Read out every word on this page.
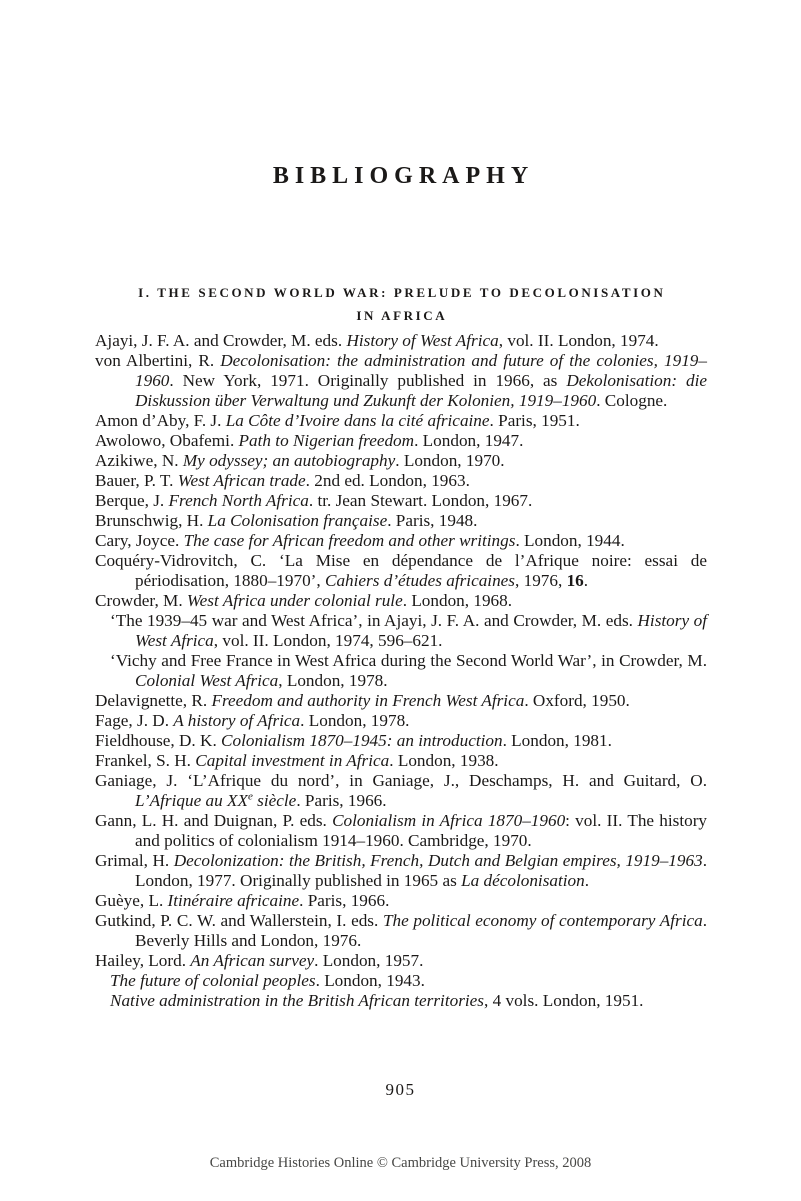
BIBLIOGRAPHY
I. THE SECOND WORLD WAR: PRELUDE TO DECOLONISATION
IN AFRICA

Ajayi, J. F. A. and Crowder, M. eds. History of West Africa, vol. II. London, 1974.

von Albertini, R. Decolonisation: the administration and future of the colonies, 1919–1960. New York, 1971. Originally published in 1966, as Dekolonisation: die Diskussion über Verwaltung und Zukunft der Kolonien, 1919–1960. Cologne.

Amon d’Aby, F. J. La Côte d’Ivoire dans la cité africaine. Paris, 1951.

Awolowo, Obafemi. Path to Nigerian freedom. London, 1947.

Azikiwe, N. My odyssey; an autobiography. London, 1970.

Bauer, P. T. West African trade. 2nd ed. London, 1963.

Berque, J. French North Africa. tr. Jean Stewart. London, 1967.

Brunschwig, H. La Colonisation française. Paris, 1948.

Cary, Joyce. The case for African freedom and other writings. London, 1944.

Coquéry-Vidrovitch, C. ‘La Mise en dépendance de l’Afrique noire: essai de périodisation, 1880–1970’, Cahiers d’études africaines, 1976, 16.

Crowder, M. West Africa under colonial rule. London, 1968.

‘The 1939–45 war and West Africa’, in Ajayi, J. F. A. and Crowder, M. eds. History of West Africa, vol. II. London, 1974, 596–621.

‘Vichy and Free France in West Africa during the Second World War’, in Crowder, M. Colonial West Africa, London, 1978.

Delavignette, R. Freedom and authority in French West Africa. Oxford, 1950.

Fage, J. D. A history of Africa. London, 1978.

Fieldhouse, D. K. Colonialism 1870–1945: an introduction. London, 1981.

Frankel, S. H. Capital investment in Africa. London, 1938.

Ganiage, J. ‘L’Afrique du nord’, in Ganiage, J., Deschamps, H. and Guitard, O. L’Afrique au XXe siècle. Paris, 1966.

Gann, L. H. and Duignan, P. eds. Colonialism in Africa 1870–1960: vol. II. The history and politics of colonialism 1914–1960. Cambridge, 1970.

Grimal, H. Decolonization: the British, French, Dutch and Belgian empires, 1919–1963. London, 1977. Originally published in 1965 as La décolonisation.

Guèye, L. Itinéraire africaine. Paris, 1966.

Gutkind, P. C. W. and Wallerstein, I. eds. The political economy of contemporary Africa. Beverly Hills and London, 1976.

Hailey, Lord. An African survey. London, 1957.

The future of colonial peoples. London, 1943.

Native administration in the British African territories, 4 vols. London, 1951.

905
Cambridge Histories Online © Cambridge University Press, 2008
